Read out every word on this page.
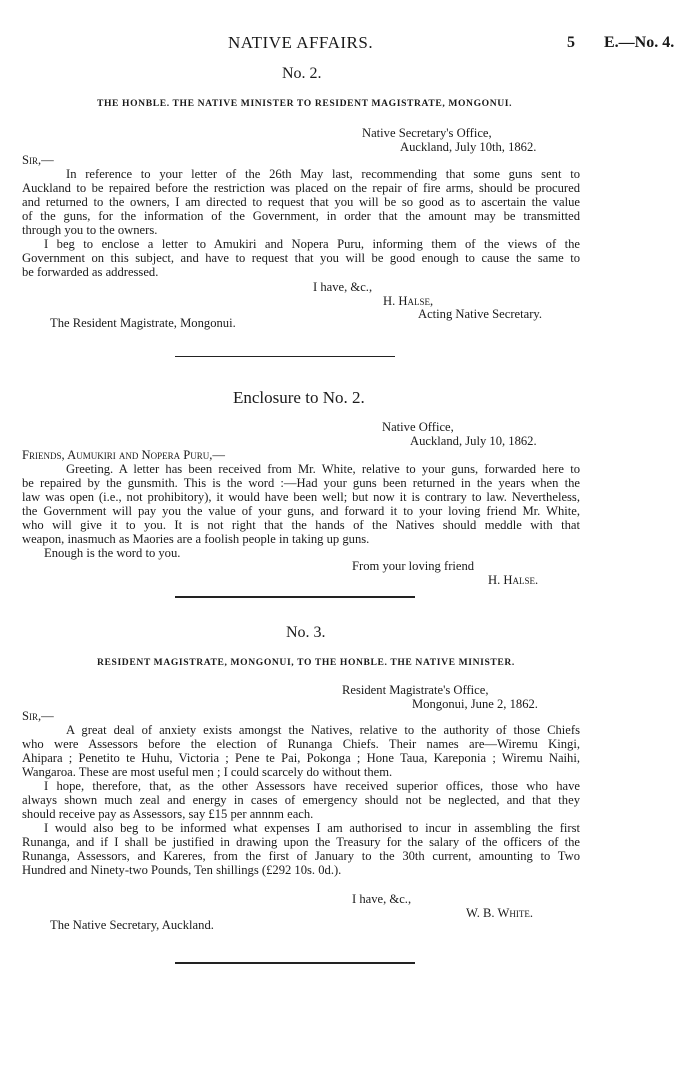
NATIVE AFFAIRS.	5 E.—No. 4.
No. 2.
THE HONBLE. THE NATIVE MINISTER TO RESIDENT MAGISTRATE, MONGONUI.
Native Secretary's Office,
Auckland, July 10th, 1862.
Sir,—
In reference to your letter of the 26th May last, recommending that some guns sent to
Auckland to be repaired before the restriction was placed on the repair of fire arms, should be procured
and returned to the owners, I am directed to request that you will be so good as to ascertain the value
of the guns, for the information of the Government, in order that the amount may be transmitted
through you to the owners.
I beg to enclose a letter to Amukiri and Nopera Puru, informing them of the views of the
Government on this subject, and have to request that you will be good enough to cause the same to
be forwarded as addressed.
I have, &c.,
H. Halse,
Acting Native Secretary.
The Resident Magistrate, Mongonui.
Enclosure to No. 2.
Native Office,
Auckland, July 10, 1862.
Friends, Aumukiri and Nopera Puru,—
Greeting. A letter has been received from Mr. White, relative to your guns, forwarded here to
be repaired by the gunsmith. This is the word :—Had your guns been returned in the years when the
law was open (i.e., not prohibitory), it would have been well; but now it is contrary to law. Nevertheless,
the Government will pay you the value of your guns, and forward it to your loving friend Mr. White,
who will give it to you. It is not right that the hands of the Natives should meddle with that
weapon, inasmuch as Maories are a foolish people in taking up guns.
Enough is the word to you.
From your loving friend
H. Halse.
No. 3.
RESIDENT MAGISTRATE, MONGONUI, TO THE HONBLE. THE NATIVE MINISTER.
Resident Magistrate's Office,
Mongonui, June 2, 1862.
Sir,—
A great deal of anxiety exists amongst the Natives, relative to the authority of those Chiefs
who were Assessors before the election of Runanga Chiefs. Their names are—Wiremu Kingi,
Ahipara ; Penetito te Huhu, Victoria ; Pene te Pai, Pokonga ; Hone Taua, Kareponia ; Wiremu Naihi,
Wangaroa. These are most useful men ; I could scarcely do without them.
I hope, therefore, that, as the other Assessors have received superior offices, those who have
always shown much zeal and energy in cases of emergency should not be neglected, and that they
should receive pay as Assessors, say £15 per annnm each.
I would also beg to be informed what expenses I am authorised to incur in assembling the first
Runanga, and if I shall be justified in drawing upon the Treasury for the salary of the officers of the
Runanga, Assessors, and Kareres, from the first of January to the 30th current, amounting to Two
Hundred and Ninety-two Pounds, Ten shillings (£292 10s. 0d.).
I have, &c.,
W. B. White.
The Native Secretary, Auckland.
